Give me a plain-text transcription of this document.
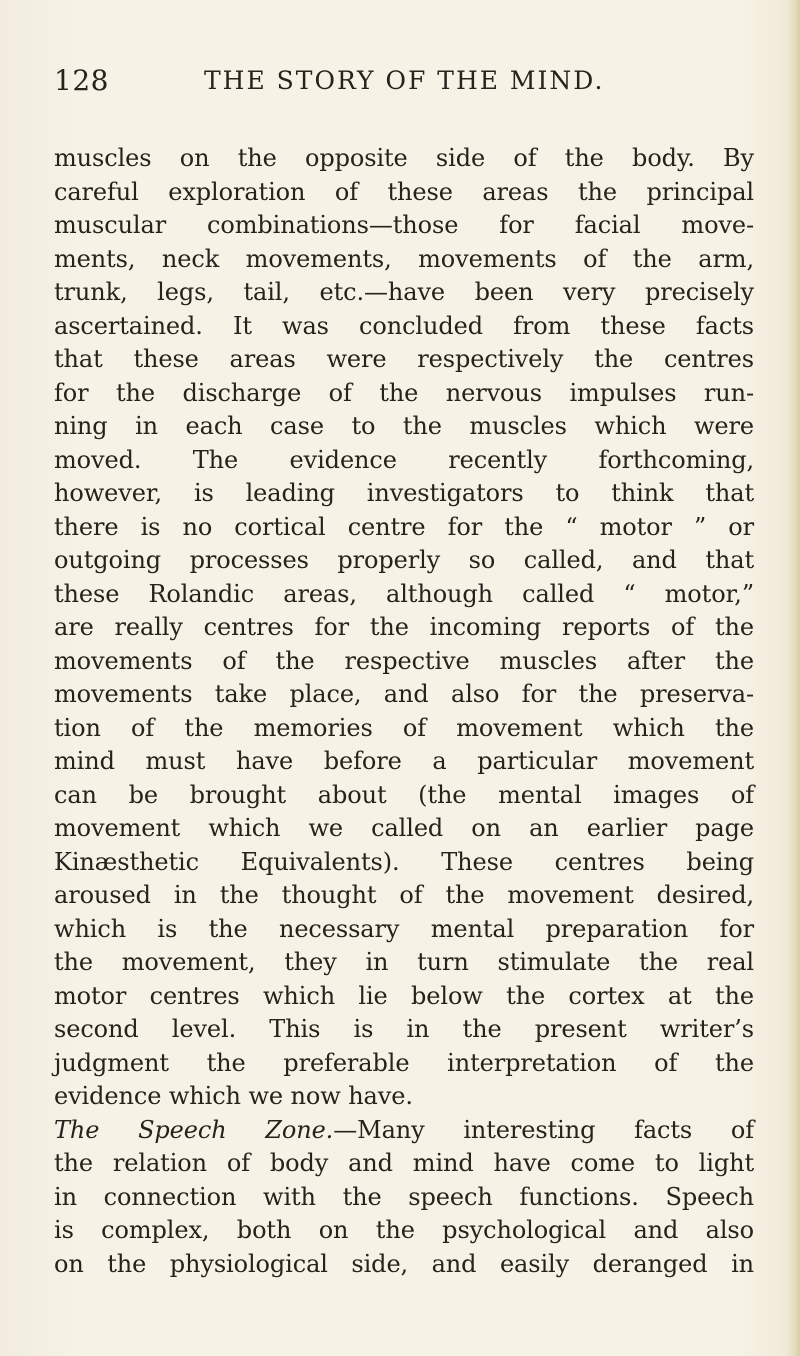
128	THE STORY OF THE MIND.
muscles on the opposite side of the body. By
careful exploration of these areas the principal
muscular combinations—those for facial move-
ments, neck movements, movements of the arm,
trunk, legs, tail, etc.—have been very precisely
ascertained. It was concluded from these facts
that these areas were respectively the centres
for the discharge of the nervous impulses run-
ning in each case to the muscles which were
moved. The evidence recently forthcoming,
however, is leading investigators to think that
there is no cortical centre for the “ motor ” or
outgoing processes properly so called, and that
these Rolandic areas, although called “ motor,”
are really centres for the incoming reports of the
movements of the respective muscles after the
movements take place, and also for the preserva-
tion of the memories of movement which the
mind must have before a particular movement
can be brought about (the mental images of
movement which we called on an earlier page
Kinæsthetic Equivalents). These centres being
aroused in the thought of the movement desired,
which is the necessary mental preparation for
the movement, they in turn stimulate the real
motor centres which lie below the cortex at the
second level. This is in the present writer’s
judgment the preferable interpretation of the
evidence which we now have.
The Speech Zone.—Many interesting facts of
the relation of body and mind have come to light
in connection with the speech functions. Speech
is complex, both on the psychological and also
on the physiological side, and easily deranged in
